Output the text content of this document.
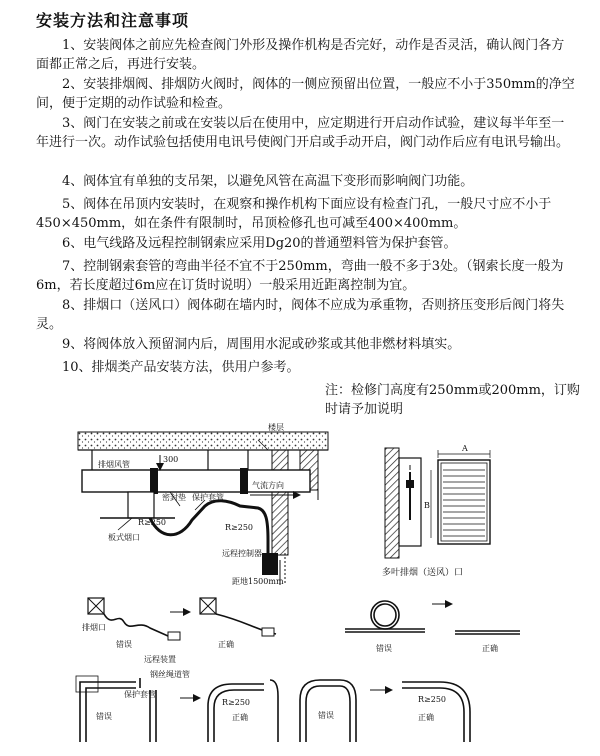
安装方法和注意事项

1、安装阀体之前应先检查阀门外形及操作机构是否完好，动作是否灵活，确认阀门各方面都正常之后，再进行安装。

2、安装排烟阀、排烟防火阀时，阀体的一侧应预留出位置，一般应不小于350mm的净空间，便于定期的动作试验和检查。

3、阀门在安装之前或在安装以后在使用中，应定期进行开启动作试验，建议每半年至一年进行一次。动作试验包括使用电讯号使阀门开启或手动开启，阀门动作后应有电讯号输出。

4、阀体宜有单独的支吊架，以避免风管在高温下变形而影响阀门功能。

5、阀体在吊顶内安装时，在观察和操作机构下面应设有检查门孔，一般尺寸应不小于450×450mm，如在条件有限制时，吊顶检修孔也可减至400×400mm。

6、电气线路及远程控制钢索应采用Dg20的普通塑料管为保护套管。

7、控制钢索套管的弯曲半径不宜不于250mm，弯曲一般不多于3处。（钢索长度一般为6m，若长度超过6m应在订货时说明）一般采用近距离控制为宜。

8、排烟口（送风口）阀体砌在墙内时，阀体不应成为承重物，否则挤压变形后阀门将失灵。

9、将阀体放入预留洞内后，周围用水泥或砂浆或其他非燃材料填实。

10、排烟类产品安装方法，供用户参考。

注：检修门高度有250mm或200mm，订购时请予加说明

楼层
排烟风管
300
气流方向
密封垫 保护套管
R≥250
R≥250
板式烟口
远程控制器
距地1500mm
A
B
多叶排烟（送风）口
排烟口
错误	正确	错误	正确
远程装置
钢丝绳道管
保护套管
错误
R≥250
正确	错误
R≥250
正确
